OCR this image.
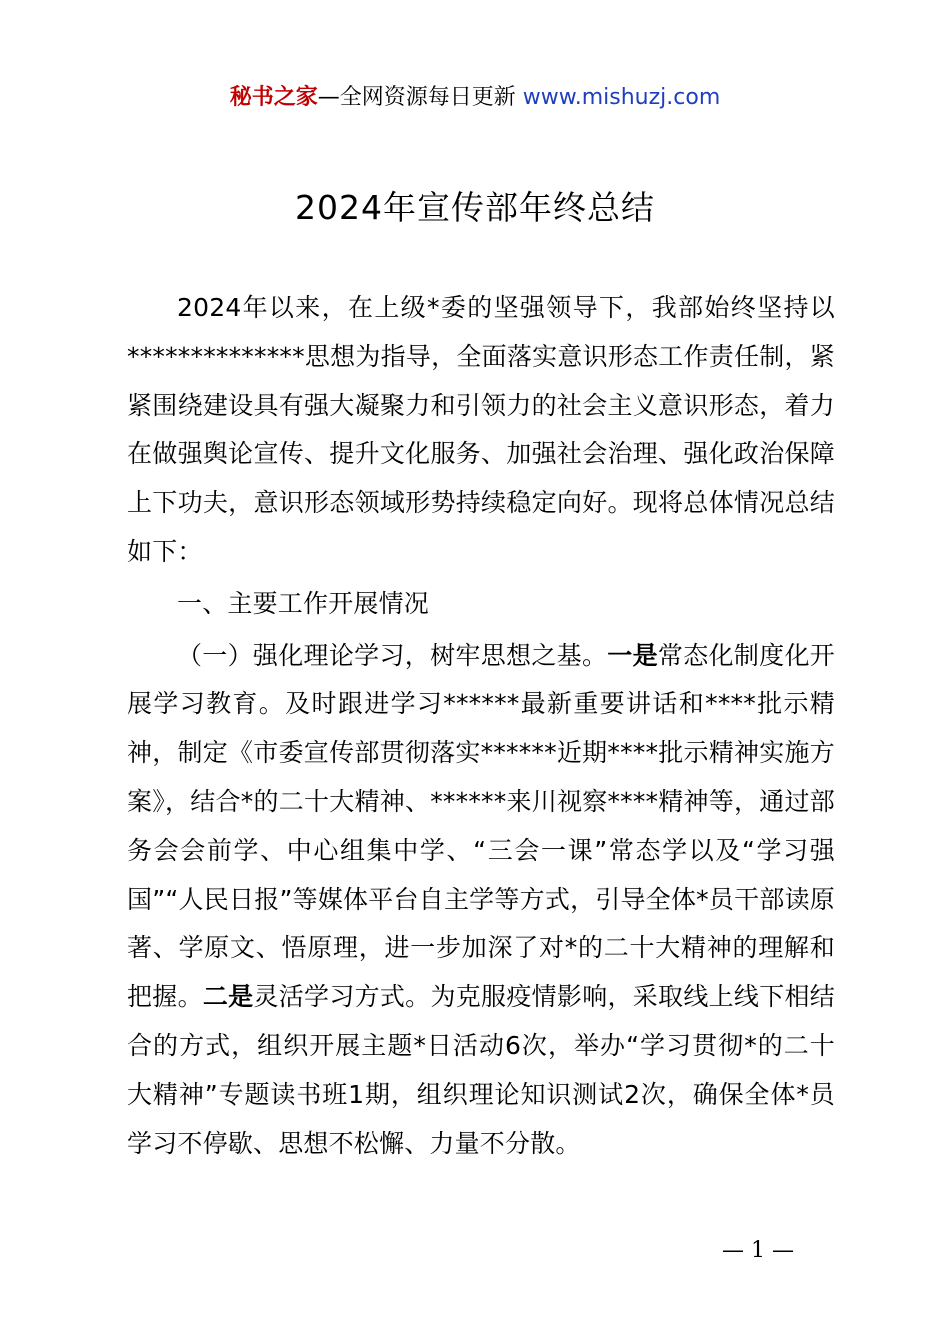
秘书之家—全网资源每日更新 www.mishuzj.com
2024年宣传部年终总结

2024年以来，在上级*委的坚强领导下，我部始终坚持以**************思想为指导，全面落实意识形态工作责任制，紧紧围绕建设具有强大凝聚力和引领力的社会主义意识形态，着力在做强舆论宣传、提升文化服务、加强社会治理、强化政治保障上下功夫，意识形态领域形势持续稳定向好。现将总体情况总结如下：

一、主要工作开展情况

（一）强化理论学习，树牢思想之基。一是常态化制度化开展学习教育。及时跟进学习******最新重要讲话和****批示精神，制定《市委宣传部贯彻落实******近期****批示精神实施方案》，结合*的二十大精神、******来川视察****精神等，通过部务会会前学、中心组集中学、“三会一课”常态学以及“学习强国”“人民日报”等媒体平台自主学等方式，引导全体*员干部读原著、学原文、悟原理，进一步加深了对*的二十大精神的理解和把握。二是灵活学习方式。为克服疫情影响，采取线上线下相结合的方式，组织开展主题*日活动6次，举办“学习贯彻*的二十大精神”专题读书班1期，组织理论知识测试2次，确保全体*员学习不停歇、思想不松懈、力量不分散。

— 1 —
